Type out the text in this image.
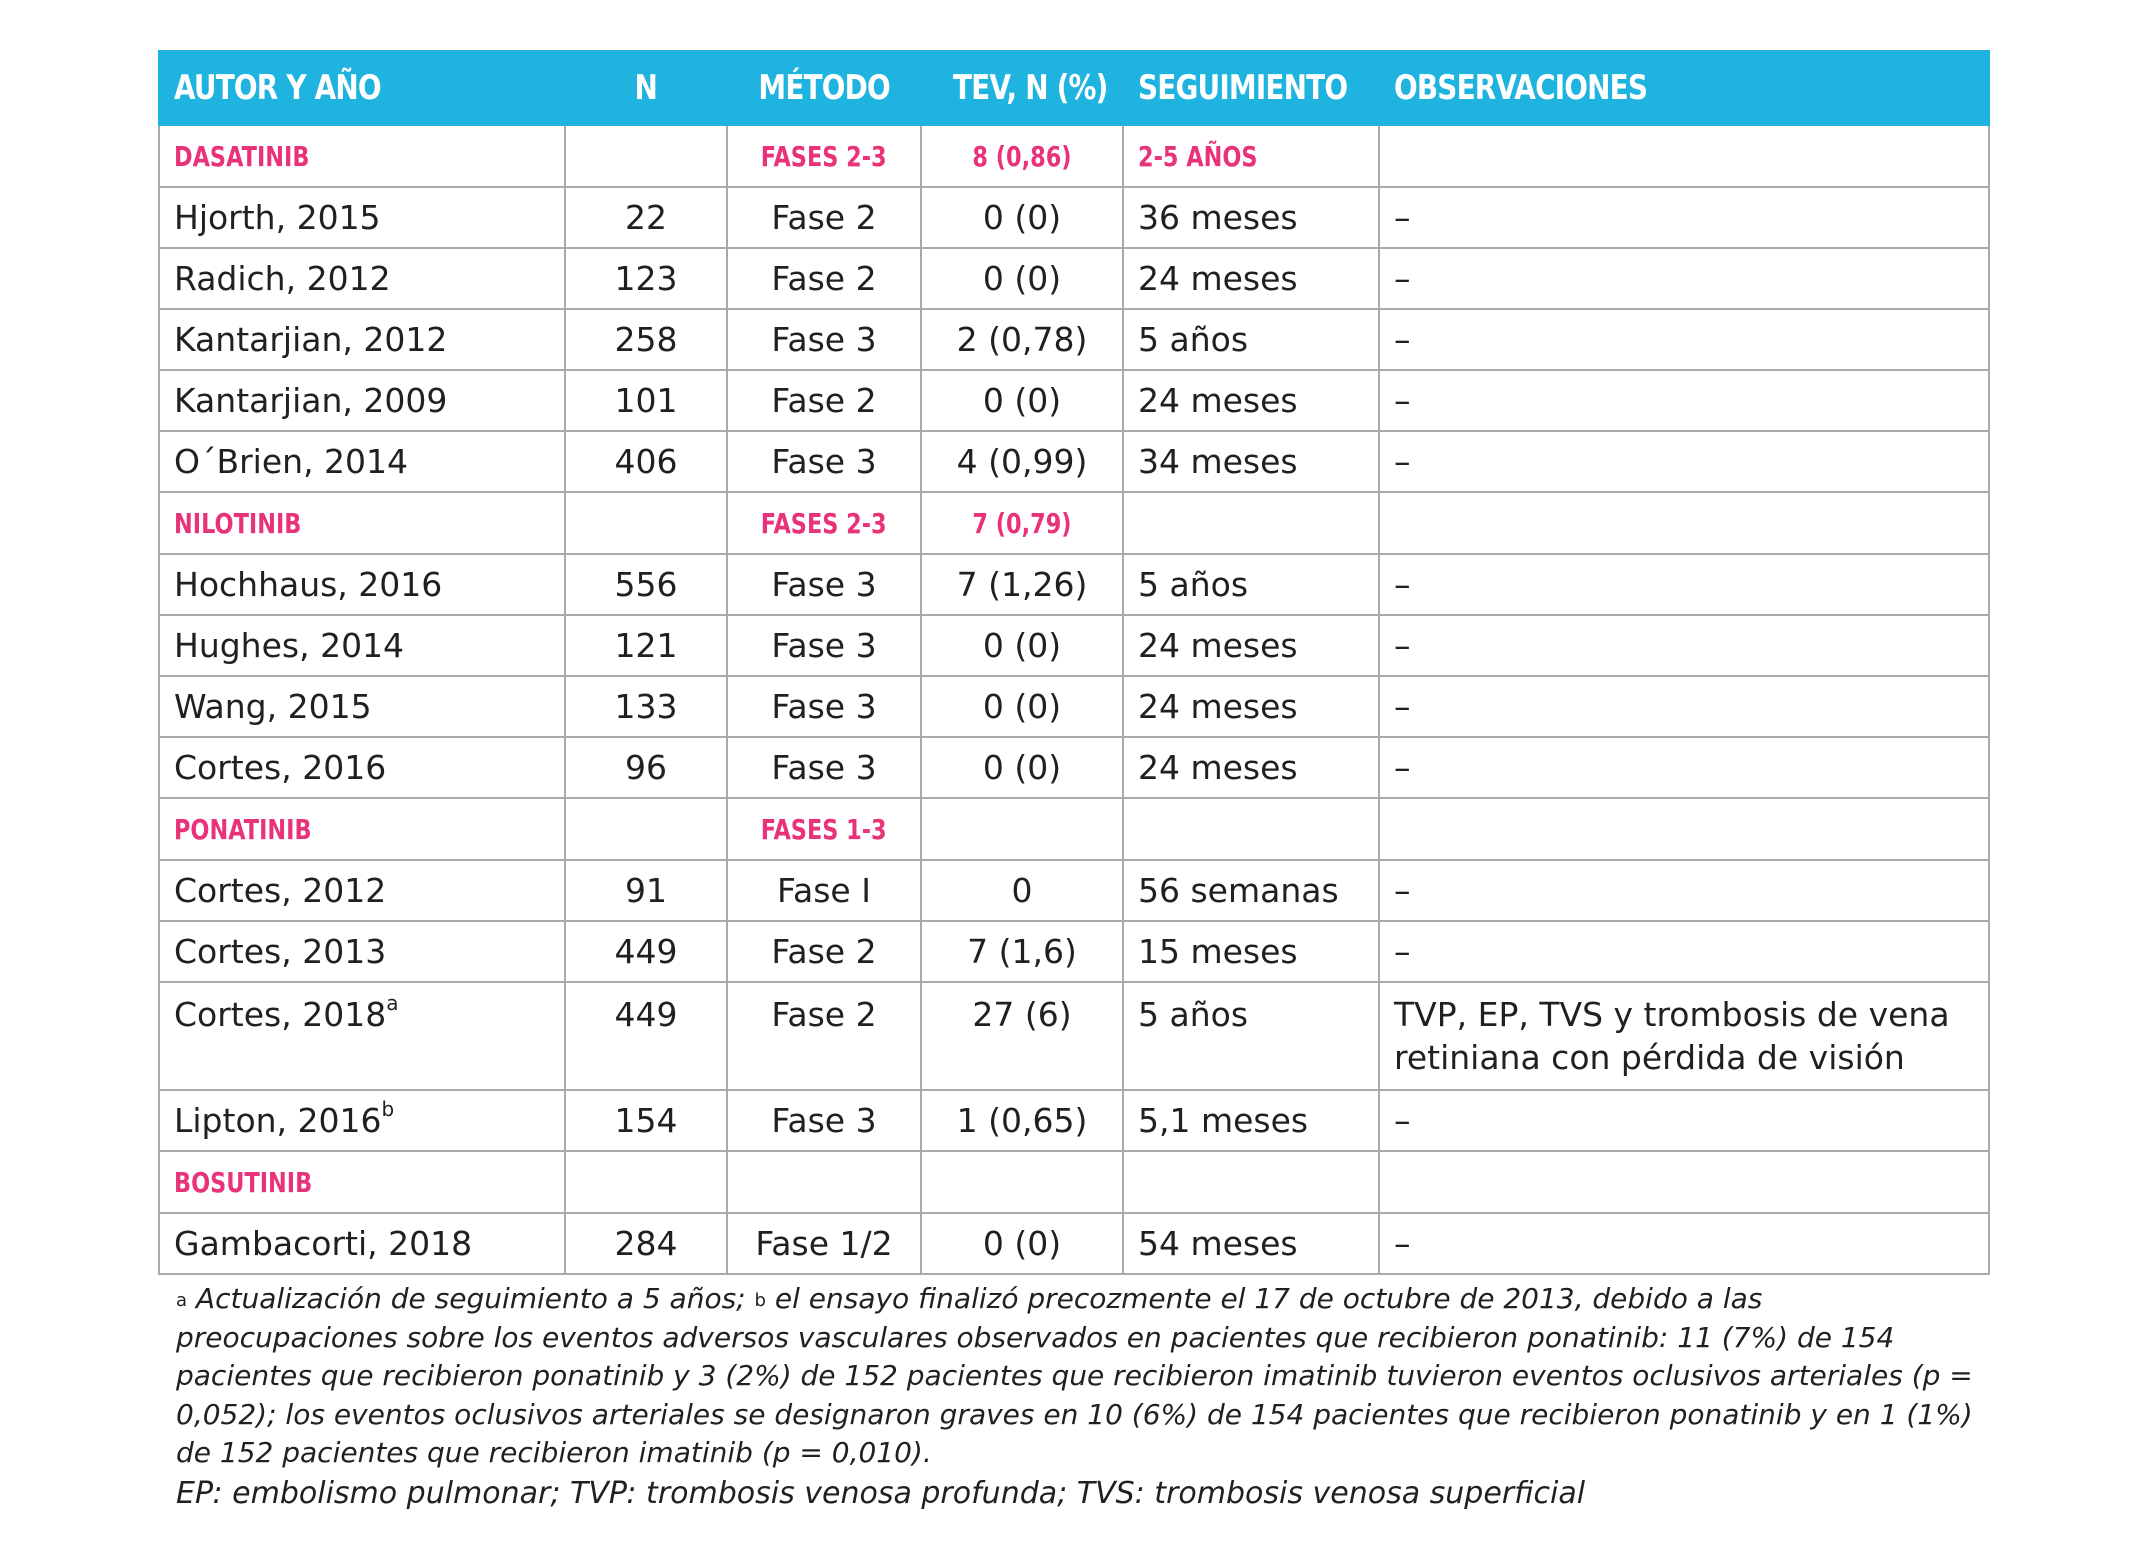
AUTOR Y AÑO	N	MÉTODO	TEV, N (%)	SEGUIMIENTO	OBSERVACIONES
DASATINIB		FASES 2-3	8 (0,86)	2-5 AÑOS	
Hjorth, 2015	22	Fase 2	0 (0)	36 meses	–
Radich, 2012	123	Fase 2	0 (0)	24 meses	–
Kantarjian, 2012	258	Fase 3	2 (0,78)	5 años	–
Kantarjian, 2009	101	Fase 2	0 (0)	24 meses	–
O´Brien, 2014	406	Fase 3	4 (0,99)	34 meses	–
NILOTINIB		FASES 2-3	7 (0,79)		
Hochhaus, 2016	556	Fase 3	7 (1,26)	5 años	–
Hughes, 2014	121	Fase 3	0 (0)	24 meses	–
Wang, 2015	133	Fase 3	0 (0)	24 meses	–
Cortes, 2016	96	Fase 3	0 (0)	24 meses	–
PONATINIB		FASES 1-3			
Cortes, 2012	91	Fase I	0	56 semanas	–
Cortes, 2013	449	Fase 2	7 (1,6)	15 meses	–
Cortes, 2018$^a$	449	Fase 2	27 (6)	5 años	TVP, EP, TVS y trombosis de vena retiniana con pérdida de visión
Lipton, 2016$^b$	154	Fase 3	1 (0,65)	5,1 meses	–
BOSUTINIB					
Gambacorti, 2018	284	Fase 1/2	0 (0)	54 meses	–

$^a$ Actualización de seguimiento a 5 años; $^b$ el ensayo finalizó precozmente el 17 de octubre de 2013, debido a las preocupaciones sobre los eventos adversos vasculares observados en pacientes que recibieron ponatinib: 11 (7%) de 154 pacientes que recibieron ponatinib y 3 (2%) de 152 pacientes que recibieron imatinib tuvieron eventos oclusivos arteriales (p = 0,052); los eventos oclusivos arteriales se designaron graves en 10 (6%) de 154 pacientes que recibieron ponatinib y en 1 (1%) de 152 pacientes que recibieron imatinib (p = 0,010).

EP: embolismo pulmonar; TVP: trombosis venosa profunda; TVS: trombosis venosa superficial
